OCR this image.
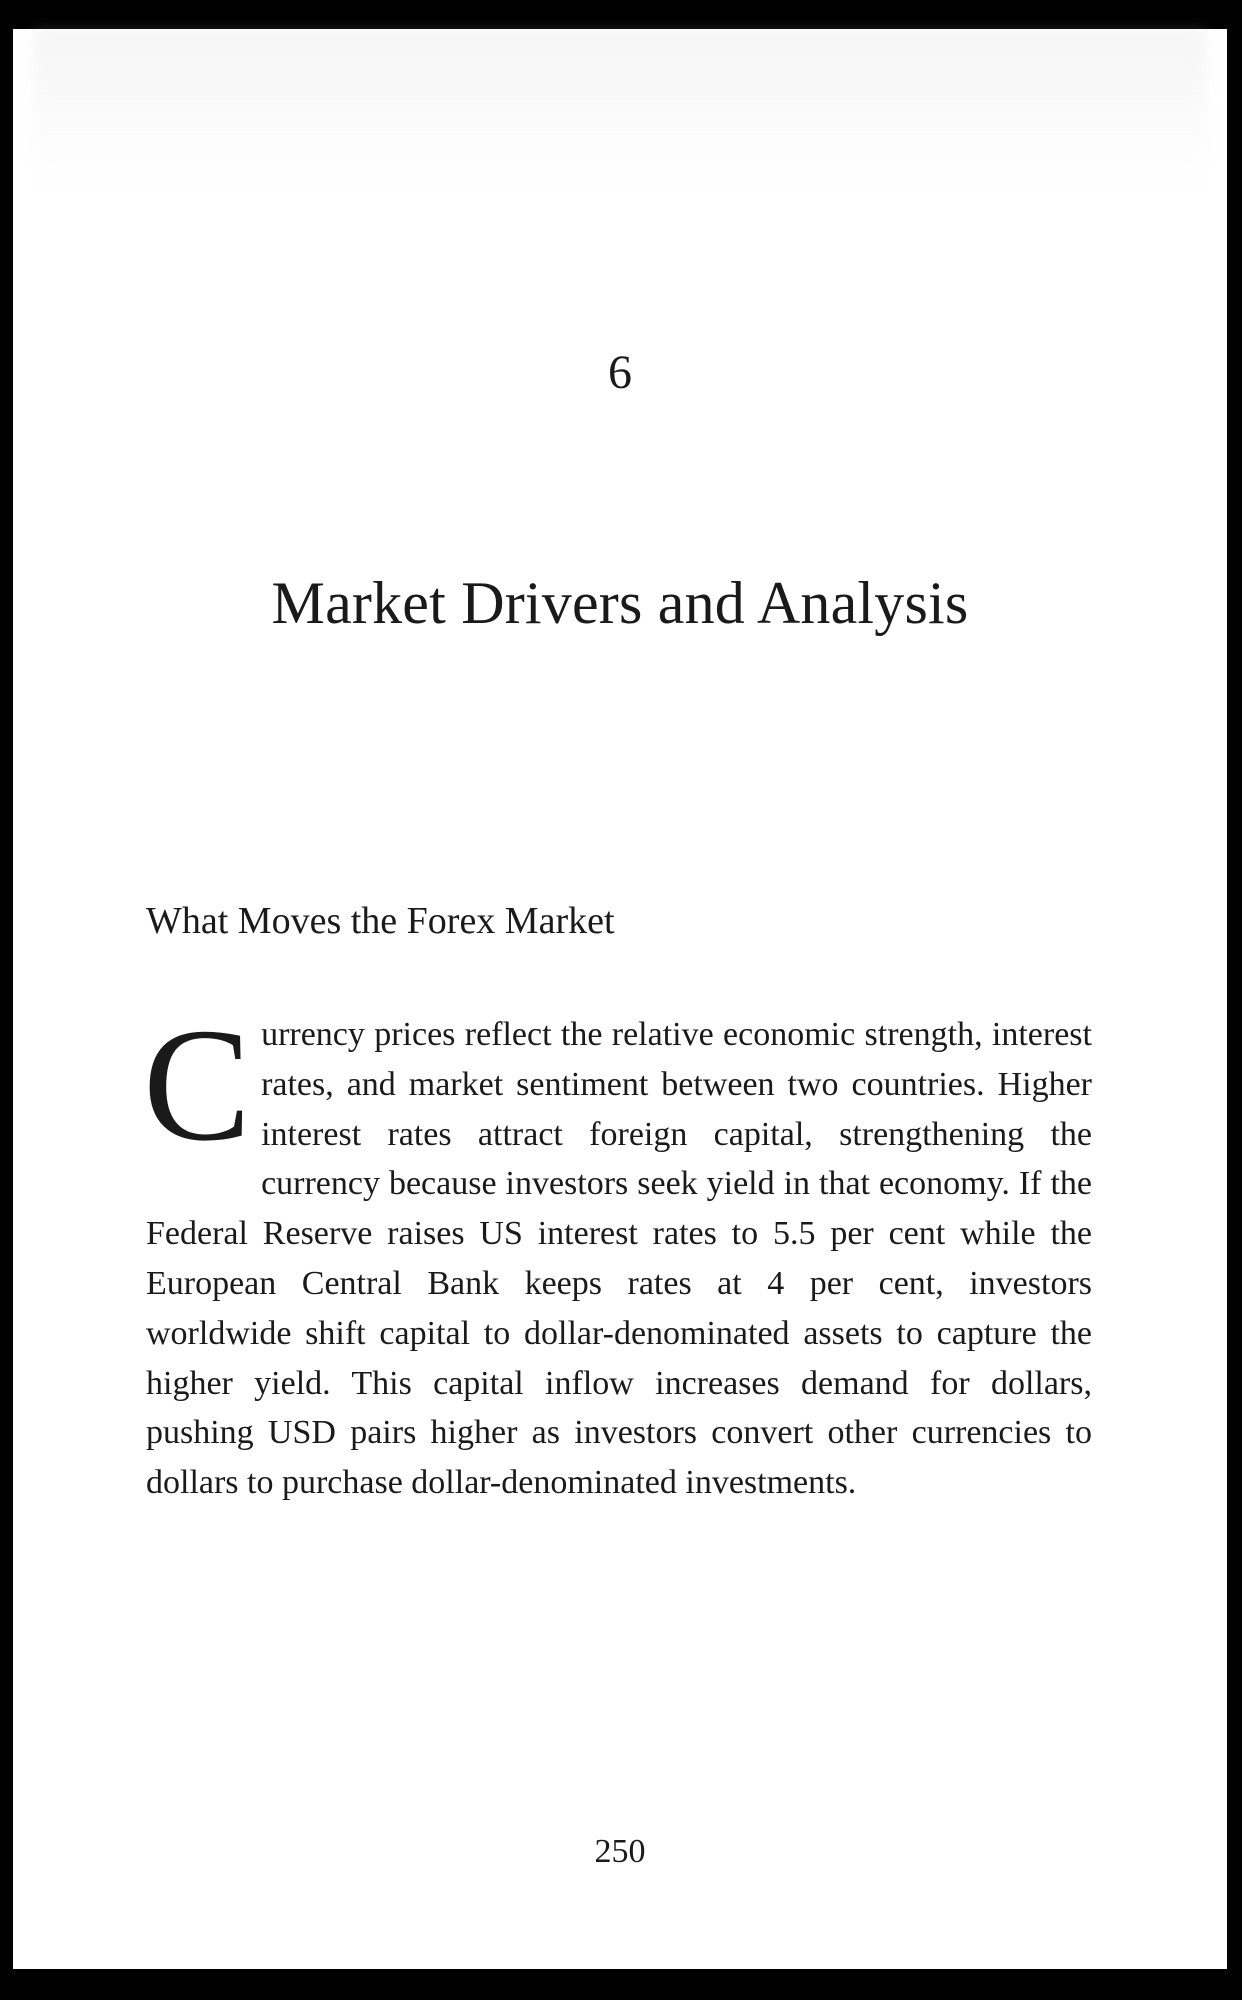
6
Market Drivers and Analysis
What Moves the Forex Market

Currency prices reflect the relative economic strength, interest rates, and market sentiment between two countries. Higher interest rates attract foreign capital, strengthening the currency because investors seek yield in that economy. If the Federal Reserve raises US interest rates to 5.5 per cent while the European Central Bank keeps rates at 4 per cent, investors worldwide shift capital to dollar-denominated assets to capture the higher yield. This capital inflow increases demand for dollars, pushing USD pairs higher as investors convert other currencies to dollars to purchase dollar-denominated investments.

250
